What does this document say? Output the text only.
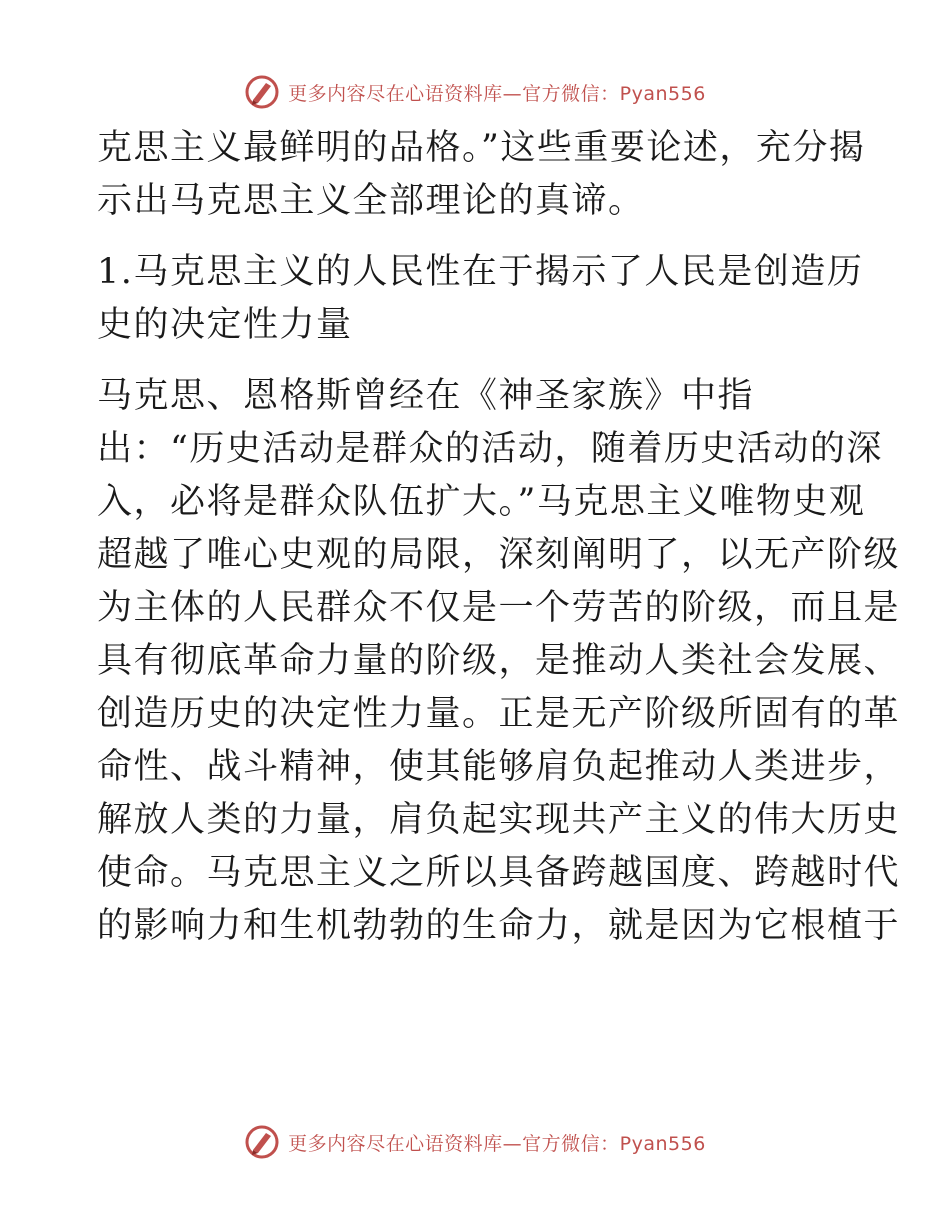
更多内容尽在心语资料库—官方微信：Pyan556

克思主义最鲜明的品格。”这些重要论述，充分揭
示出马克思主义全部理论的真谛。

1.马克思主义的人民性在于揭示了人民是创造历
史的决定性力量

马克思、恩格斯曾经在《神圣家族》中指
出：“历史活动是群众的活动，随着历史活动的深
入，必将是群众队伍扩大。”马克思主义唯物史观
超越了唯心史观的局限，深刻阐明了，以无产阶级
为主体的人民群众不仅是一个劳苦的阶级，而且是
具有彻底革命力量的阶级，是推动人类社会发展、
创造历史的决定性力量。正是无产阶级所固有的革
命性、战斗精神，使其能够肩负起推动人类进步，
解放人类的力量，肩负起实现共产主义的伟大历史
使命。马克思主义之所以具备跨越国度、跨越时代
的影响力和生机勃勃的生命力，就是因为它根植于

更多内容尽在心语资料库—官方微信：Pyan556
